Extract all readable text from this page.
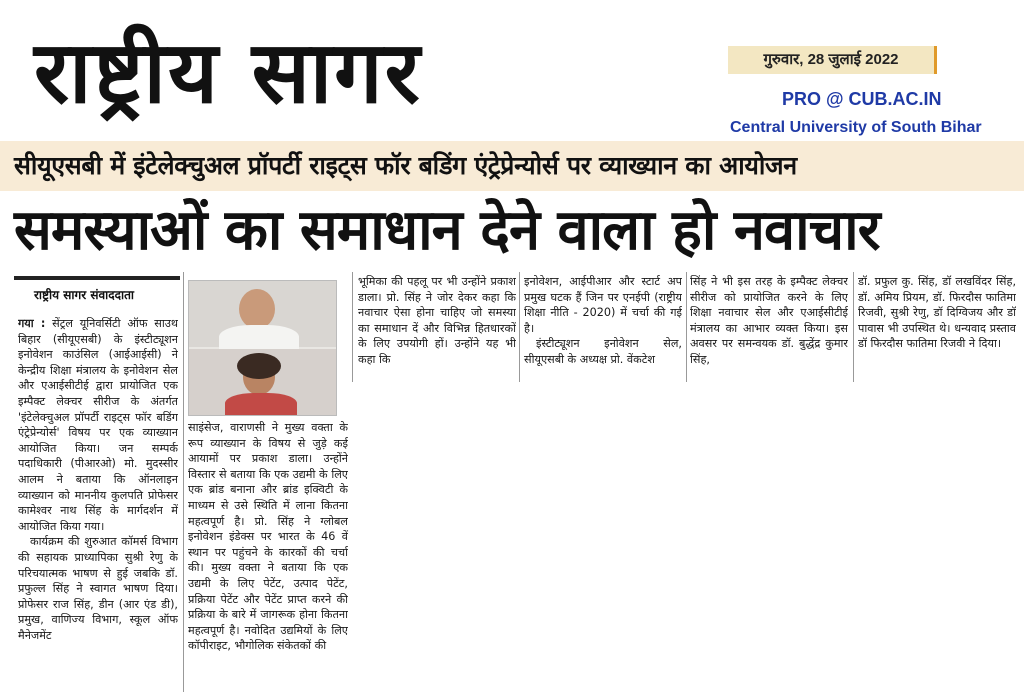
राष्ट्रीय सागर	गुरुवार, 28 जुलाई 2022
PRO @ CUB.AC.IN
Central University of South Bihar
सीयूएसबी में इंटेलेक्चुअल प्रॉपर्टी राइट्स फॉर बडिंग एंट्रेप्रेन्योर्स पर व्याख्यान का आयोजन
समस्याओं का समाधान देने वाला हो नवाचार
राष्ट्रीय सागर संवाददाता

गया : सेंट्रल यूनिवर्सिटी ऑफ साउथ बिहार (सीयूएसबी) के इंस्टीट्यूशन इनोवेशन काउंसिल (आईआईसी) ने केन्द्रीय शिक्षा मंत्रालय के इनोवेशन सेल और एआईसीटीई द्वारा प्रायोजित एक इम्पैक्ट लेक्चर सीरीज के अंतर्गत 'इंटेलेक्चुअल प्रॉपर्टी राइट्स फॉर बडिंग एंट्रेप्रेन्योर्स' विषय पर एक व्याख्यान आयोजित किया। जन सम्पर्क पदाधिकारी (पीआरओ) मो. मुदस्सीर आलम ने बताया कि ऑनलाइन व्याख्यान को माननीय कुलपति प्रोफेसर कामेश्वर नाथ सिंह के मार्गदर्शन में आयोजित किया गया।

कार्यक्रम की शुरुआत कॉमर्स विभाग की सहायक प्राध्यापिका सुश्री रेणु के परिचयात्मक भाषण से हुई जबकि डॉ. प्रफुल्ल सिंह ने स्वागत भाषण दिया। प्रोफेसर राज सिंह, डीन (आर एंड डी), प्रमुख, वाणिज्य विभाग, स्कूल ऑफ मैनेजमेंट

साइंसेज, वाराणसी ने मुख्य वक्ता के रूप व्याख्यान के विषय से जुड़े कई आयामों पर प्रकाश डाला। उन्होंने विस्तार से बताया कि एक उद्यमी के लिए एक ब्रांड बनाना और ब्रांड इक्विटी के माध्यम से उसे स्थिति में लाना कितना महत्वपूर्ण है। प्रो. सिंह ने ग्लोबल इनोवेशन इंडेक्स पर भारत के 46 वें स्थान पर पहुंचने के कारकों की चर्चा की। मुख्य वक्ता ने बताया कि एक उद्यमी के लिए पेटेंट, उत्पाद पेटेंट, प्रक्रिया पेटेंट और पेटेंट प्राप्त करने की प्रक्रिया के बारे में जागरूक होना कितना महत्वपूर्ण है। नवोदित उद्यमियों के लिए कॉपीराइट, भौगोलिक संकेतकों की

भूमिका की पहलू पर भी उन्होंने प्रकाश डाला। प्रो. सिंह ने जोर देकर कहा कि नवाचार ऐसा होना चाहिए जो समस्या का समाधान दें और विभिन्न हितधारकों के लिए उपयोगी हों। उन्होंने यह भी कहा कि

इनोवेशन, आईपीआर और स्टार्ट अप प्रमुख घटक हैं जिन पर एनईपी (राष्ट्रीय शिक्षा नीति - 2020) में चर्चा की गई है।

इंस्टीट्यूशन इनोवेशन सेल, सीयूएसबी के अध्यक्ष प्रो. वेंकटेश

सिंह ने भी इस तरह के इम्पैक्ट लेक्चर सीरीज को प्रायोजित करने के लिए शिक्षा नवाचार सेल और एआईसीटीई मंत्रालय का आभार व्यक्त किया। इस अवसर पर समन्वयक डॉ. बुद्धेंद्र कुमार सिंह,

डॉ. प्रफुल कु. सिंह, डॉ लखविंदर सिंह, डॉ. अमिय प्रियम, डॉ. फिरदौस फातिमा रिजवी, सुश्री रेणु, डॉ दिग्विजय और डॉ पावास भी उपस्थित थे। धन्यवाद प्रस्ताव डॉ फिरदौस फातिमा रिजवी ने दिया।
